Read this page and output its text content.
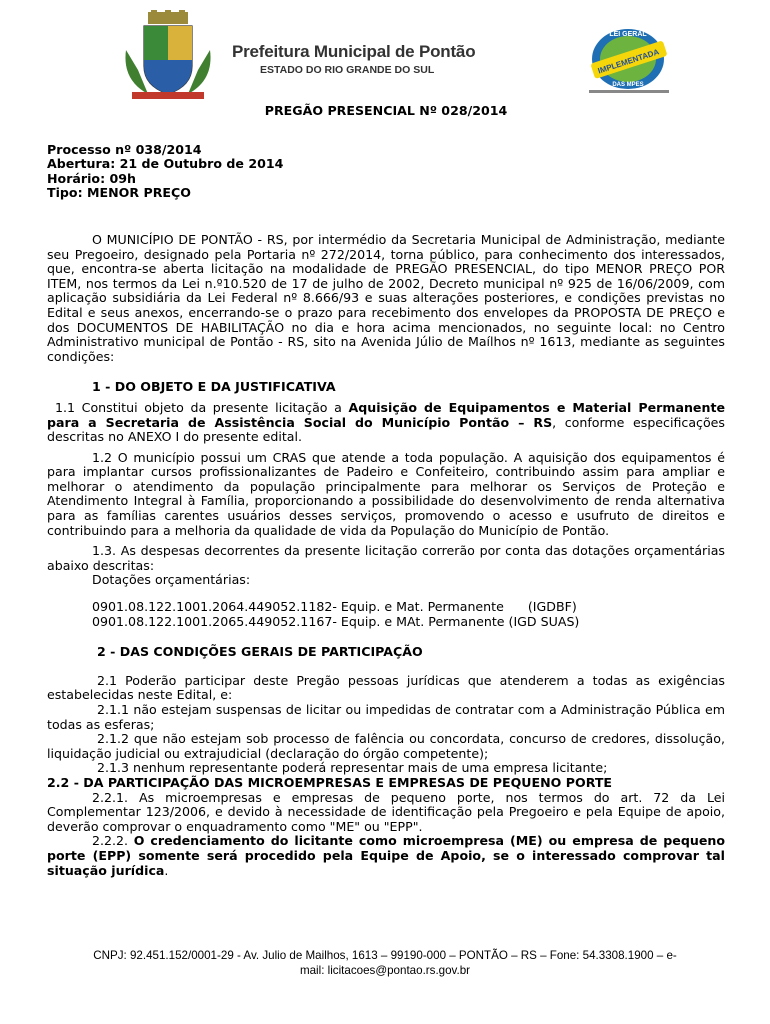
Prefeitura Municipal de Pontão
ESTADO DO RIO GRANDE DO SUL
LEI GERAL
IMPLEMENTADA
DAS MPES

PREGÃO PRESENCIAL Nº 028/2014

Processo nº 038/2014

Abertura: 21 de Outubro de 2014

Horário: 09h

Tipo: MENOR PREÇO

O MUNICÍPIO DE PONTÃO - RS, por intermédio da Secretaria Municipal de Administração, mediante seu Pregoeiro, designado pela Portaria nº 272/2014, torna público, para conhecimento dos interessados, que, encontra-se aberta licitação na modalidade de PREGÃO PRESENCIAL, do tipo MENOR PREÇO POR ITEM, nos termos da Lei n.º10.520 de 17 de julho de 2002, Decreto municipal nº 925 de 16/06/2009, com aplicação subsidiária da Lei Federal nº 8.666/93 e suas alterações posteriores, e condições previstas no Edital e seus anexos, encerrando-se o prazo para recebimento dos envelopes da PROPOSTA DE PREÇO e dos DOCUMENTOS DE HABILITAÇÃO no dia e hora acima mencionados, no seguinte local: no Centro Administrativo municipal de Pontão - RS, sito na Avenida Júlio de Maílhos nº 1613, mediante as seguintes condições:

1 - DO OBJETO E DA JUSTIFICATIVA

1.1 Constitui objeto da presente licitação a Aquisição de Equipamentos e Material Permanente para a Secretaria de Assistência Social do Município Pontão – RS, conforme especificações descritas no ANEXO I do presente edital.

1.2 O município possui um CRAS que atende a toda população. A aquisição dos equipamentos é para implantar cursos profissionalizantes de Padeiro e Confeiteiro, contribuindo assim para ampliar e melhorar o atendimento da população principalmente para melhorar os Serviços de Proteção e Atendimento Integral à Família, proporcionando a possibilidade do desenvolvimento de renda alternativa para as famílias carentes usuários desses serviços, promovendo o acesso e usufruto de direitos e contribuindo para a melhoria da qualidade de vida da População do Município de Pontão.

1.3. As despesas decorrentes da presente licitação correrão por conta das dotações orçamentárias abaixo descritas:

Dotações orçamentárias:

0901.08.122.1001.2064.449052.1182- Equip. e Mat. Permanente      (IGDBF)

0901.08.122.1001.2065.449052.1167- Equip. e MAt. Permanente (IGD SUAS)

2 - DAS CONDIÇÕES GERAIS DE PARTICIPAÇÃO

2.1 Poderão participar deste Pregão pessoas jurídicas que atenderem a todas as exigências estabelecidas neste Edital, e:

2.1.1 não estejam suspensas de licitar ou impedidas de contratar com a Administração Pública em todas as esferas;

2.1.2 que não estejam sob processo de falência ou concordata, concurso de credores, dissolução, liquidação judicial ou extrajudicial (declaração do órgão competente);

2.1.3 nenhum representante poderá representar mais de uma empresa licitante;

2.2 - DA PARTICIPAÇÃO DAS MICROEMPRESAS E EMPRESAS DE PEQUENO PORTE

2.2.1. As microempresas e empresas de pequeno porte, nos termos do art. 72 da Lei Complementar 123/2006, e devido à necessidade de identificação pela Pregoeiro e pela Equipe de apoio, deverão comprovar o enquadramento como "ME" ou "EPP".

2.2.2. O credenciamento do licitante como microempresa (ME) ou empresa de pequeno porte (EPP) somente será procedido pela Equipe de Apoio, se o interessado comprovar tal situação jurídica.

CNPJ: 92.451.152/0001-29 - Av. Julio de Mailhos, 1613 – 99190-000 – PONTÃO – RS – Fone: 54.3308.1900 – e-
mail: licitacoes@pontao.rs.gov.br
